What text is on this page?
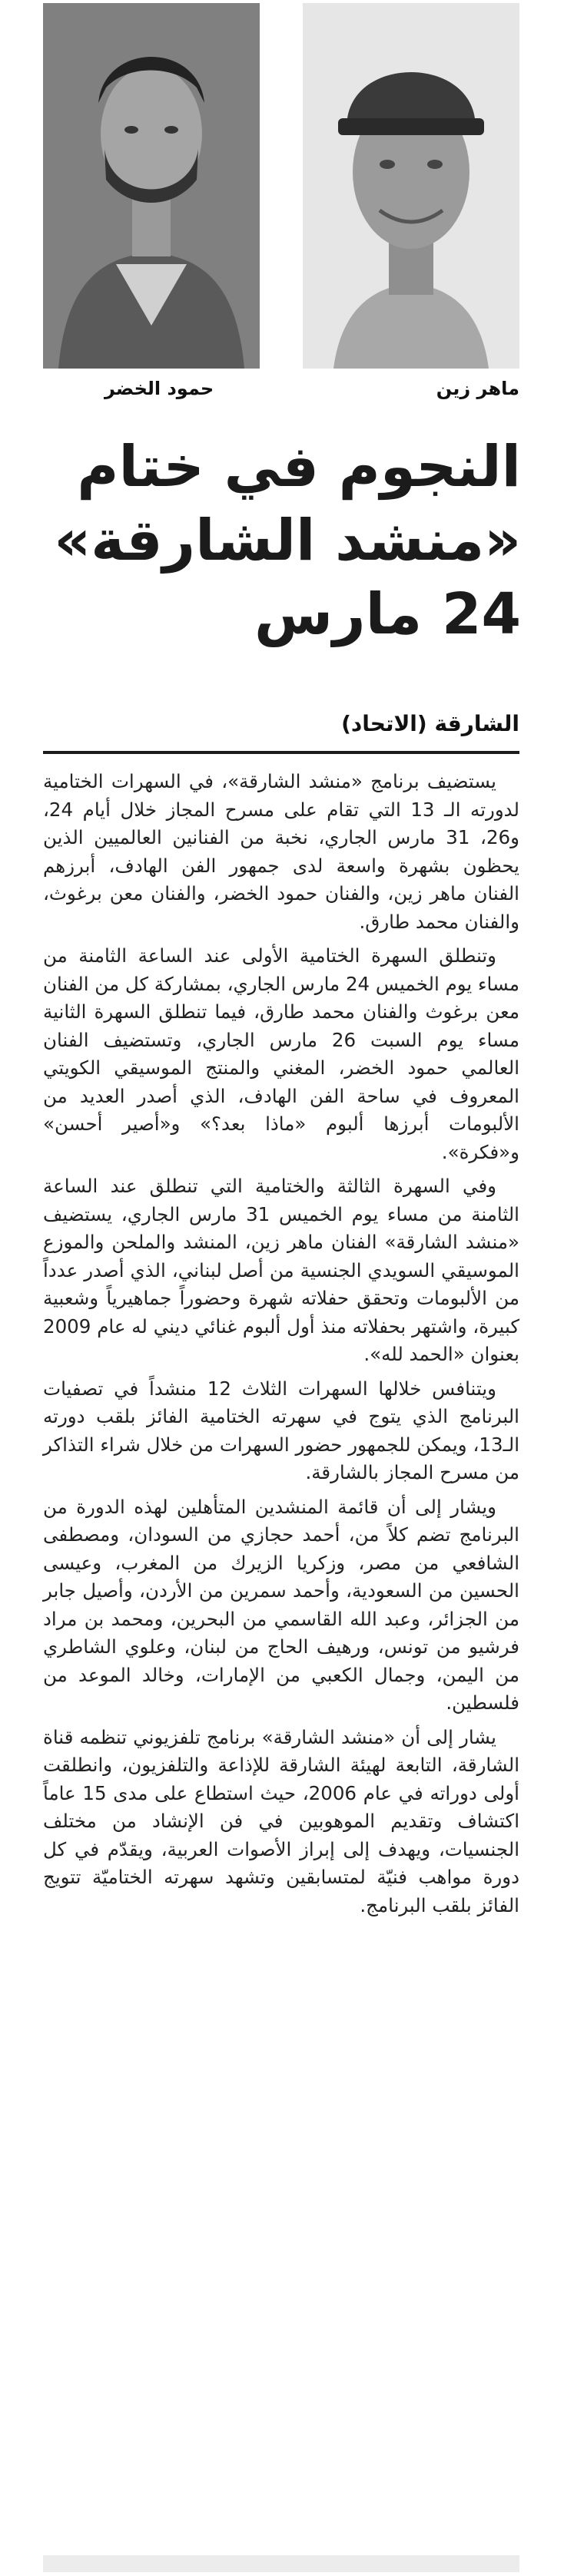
ماهر زين
حمود الخضر
النجوم في ختام
«منشد الشارقة»
24 مارس
الشارقة (الاتحاد)

يستضيف برنامج «منشد الشارقة»، في السهرات الختامية لدورته الـ 13 التي تقام على مسرح المجاز خلال أيام 24، و26، 31 مارس الجاري، نخبة من الفنانين العالميين الذين يحظون بشهرة واسعة لدى جمهور الفن الهادف، أبرزهم الفنان ماهر زين، والفنان حمود الخضر، والفنان معن برغوث، والفنان محمد طارق.

وتنطلق السهرة الختامية الأولى عند الساعة الثامنة من مساء يوم الخميس 24 مارس الجاري، بمشاركة كل من الفنان معن برغوث والفنان محمد طارق، فيما تنطلق السهرة الثانية مساء يوم السبت 26 مارس الجاري، وتستضيف الفنان العالمي حمود الخضر، المغني والمنتج الموسيقي الكويتي المعروف في ساحة الفن الهادف، الذي أصدر العديد من الألبومات أبرزها ألبوم «ماذا بعد؟» و«أصير أحسن» و«فكرة».

وفي السهرة الثالثة والختامية التي تنطلق عند الساعة الثامنة من مساء يوم الخميس 31 مارس الجاري، يستضيف «منشد الشارقة» الفنان ماهر زين، المنشد والملحن والموزع الموسيقي السويدي الجنسية من أصل لبناني، الذي أصدر عدداً من الألبومات وتحقق حفلاته شهرة وحضوراً جماهيرياً وشعبية كبيرة، واشتهر بحفلاته منذ أول ألبوم غنائي ديني له عام 2009 بعنوان «الحمد لله».

ويتنافس خلالها السهرات الثلاث 12 منشداً في تصفيات البرنامج الذي يتوج في سهرته الختامية الفائز بلقب دورته الـ13، ويمكن للجمهور حضور السهرات من خلال شراء التذاكر من مسرح المجاز بالشارقة.

ويشار إلى أن قائمة المنشدين المتأهلين لهذه الدورة من البرنامج تضم كلاً من، أحمد حجازي من السودان، ومصطفى الشافعي من مصر، وزكريا الزيرك من المغرب، وعيسى الحسين من السعودية، وأحمد سمرين من الأردن، وأصيل جابر من الجزائر، وعبد الله القاسمي من البحرين، ومحمد بن مراد فرشيو من تونس، ورهيف الحاج من لبنان، وعلوي الشاطري من اليمن، وجمال الكعبي من الإمارات، وخالد الموعد من فلسطين.

يشار إلى أن «منشد الشارقة» برنامج تلفزيوني تنظمه قناة الشارقة، التابعة لهيئة الشارقة للإذاعة والتلفزيون، وانطلقت أولى دوراته في عام 2006، حيث استطاع على مدى 15 عاماً اكتشاف وتقديم الموهوبين في فن الإنشاد من مختلف الجنسيات، ويهدف إلى إبراز الأصوات العربية، ويقدّم في كل دورة مواهب فنيّة لمتسابقين وتشهد سهرته الختاميّة تتويج الفائز بلقب البرنامج.
